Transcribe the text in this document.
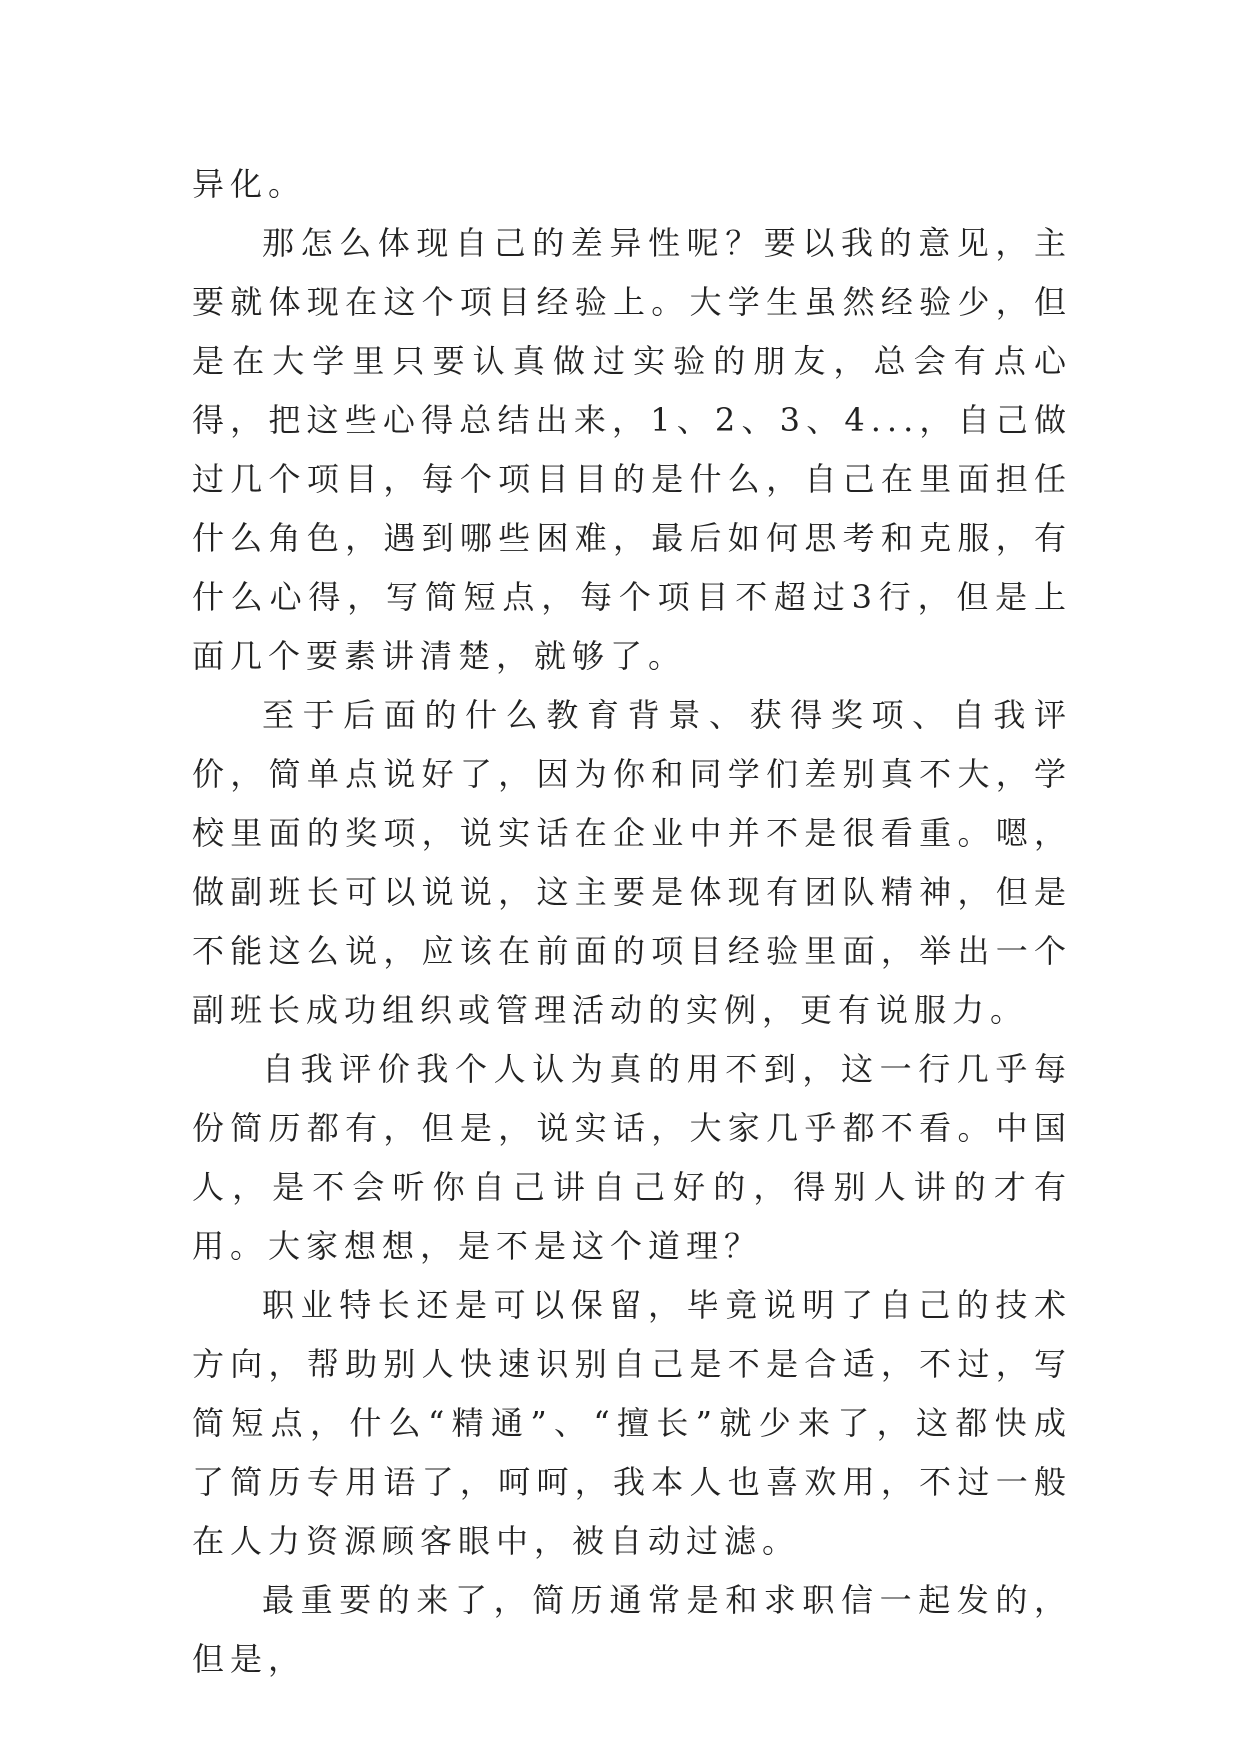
异化。

那怎么体现自己的差异性呢？要以我的意见，主要就体现在这个项目经验上。大学生虽然经验少，但是在大学里只要认真做过实验的朋友，总会有点心得，把这些心得总结出来，1、2、3、4...，自己做过几个项目，每个项目目的是什么，自己在里面担任什么角色，遇到哪些困难，最后如何思考和克服，有什么心得，写简短点，每个项目不超过3行，但是上面几个要素讲清楚，就够了。

至于后面的什么教育背景、获得奖项、自我评价，简单点说好了，因为你和同学们差别真不大，学校里面的奖项，说实话在企业中并不是很看重。嗯，做副班长可以说说，这主要是体现有团队精神，但是不能这么说，应该在前面的项目经验里面，举出一个副班长成功组织或管理活动的实例，更有说服力。

自我评价我个人认为真的用不到，这一行几乎每份简历都有，但是，说实话，大家几乎都不看。中国人，是不会听你自己讲自己好的，得别人讲的才有用。大家想想，是不是这个道理？

职业特长还是可以保留，毕竟说明了自己的技术方向，帮助别人快速识别自己是不是合适，不过，写简短点，什么“精通”、“擅长”就少来了，这都快成了简历专用语了，呵呵，我本人也喜欢用，不过一般在人力资源顾客眼中，被自动过滤。

最重要的来了，简历通常是和求职信一起发的，但是，
